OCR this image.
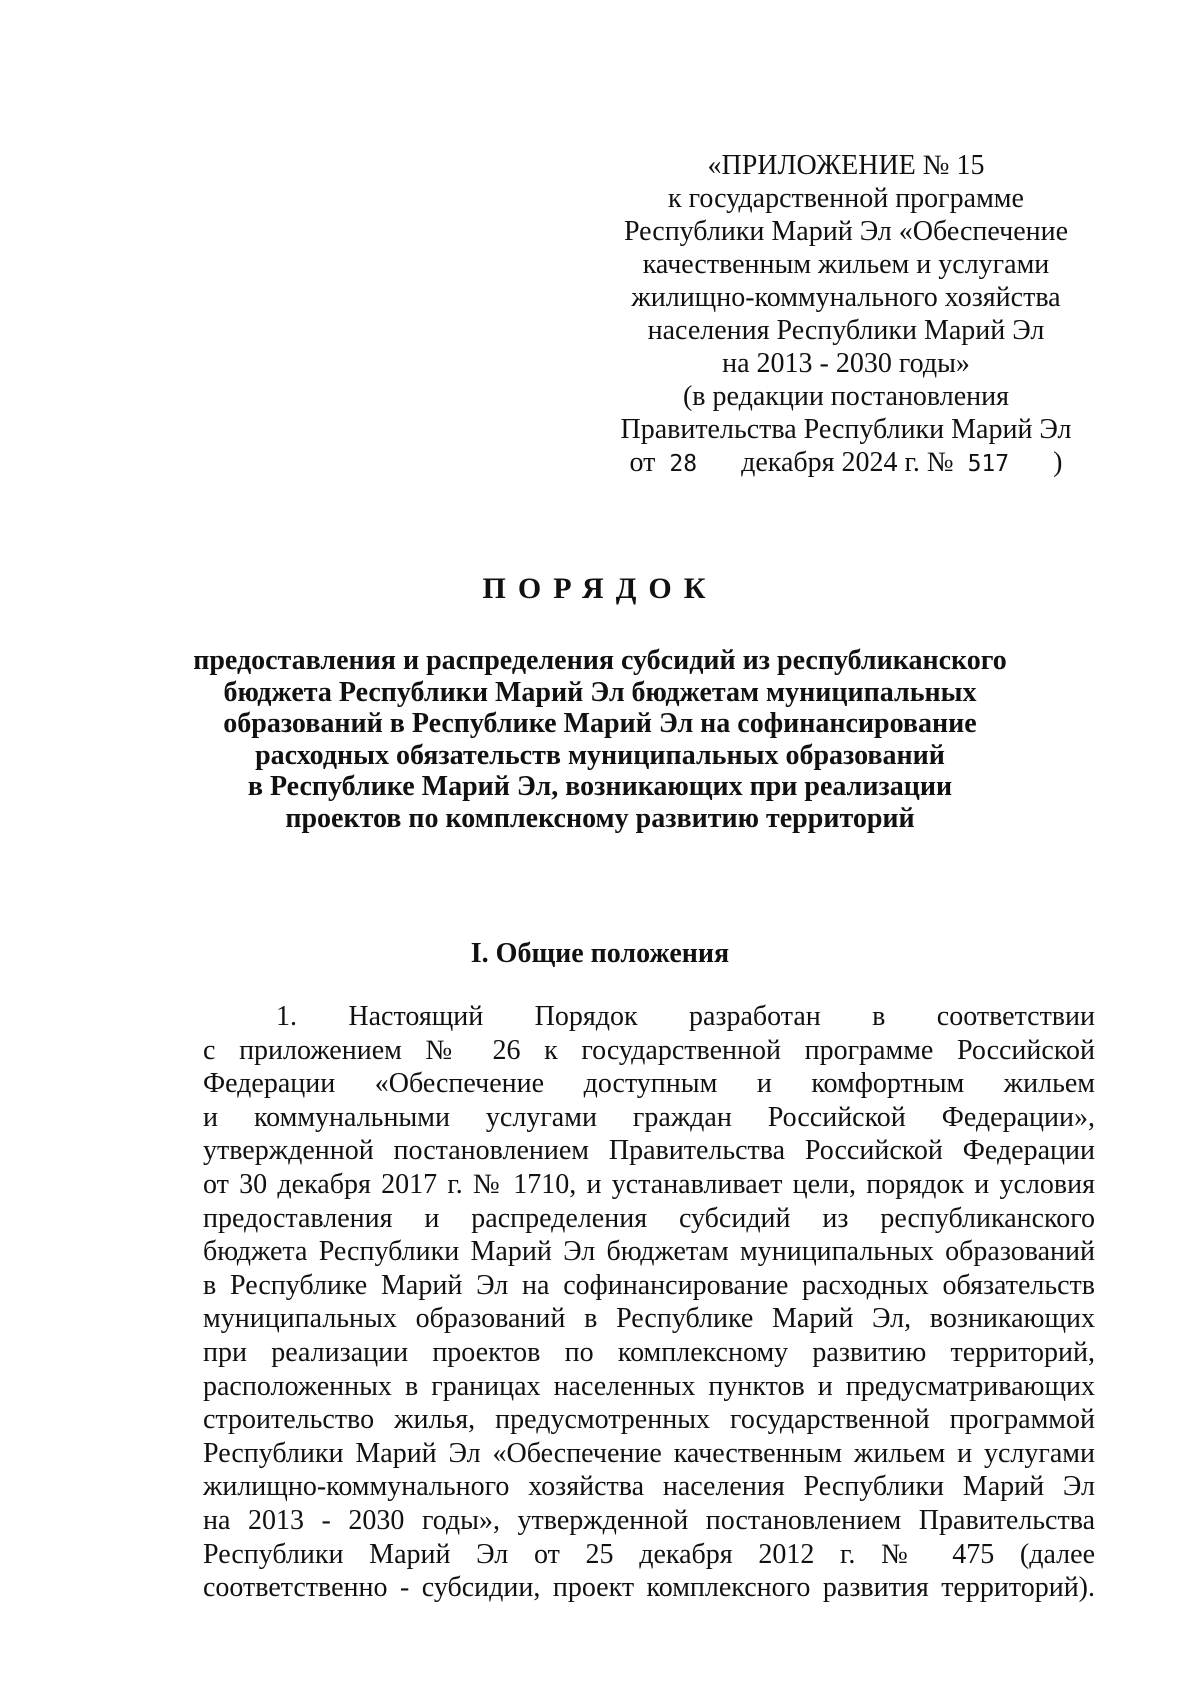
«ПРИЛОЖЕНИЕ № 15
к государственной программе
Республики Марий Эл «Обеспечение
качественным жильем и услугами
жилищно-коммунального хозяйства
населения Республики Марий Эл
на 2013 - 2030 годы»
(в редакции постановления
Правительства Республики Марий Эл
от 28 декабря 2024 г. № 517 )
ПОРЯДОК
предоставления и распределения субсидий из республиканского
бюджета Республики Марий Эл бюджетам муниципальных
образований в Республике Марий Эл на софинансирование
расходных обязательств муниципальных образований
в Республике Марий Эл, возникающих при реализации
проектов по комплексному развитию территорий
I. Общие положения
1. Настоящий Порядок разработан в соответствии
с приложением № 26 к государственной программе Российской
Федерации «Обеспечение доступным и комфортным жильем
и коммунальными услугами граждан Российской Федерации»,
утвержденной постановлением Правительства Российской Федерации
от 30 декабря 2017 г. № 1710, и устанавливает цели, порядок и условия
предоставления и распределения субсидий из республиканского
бюджета Республики Марий Эл бюджетам муниципальных образований
в Республике Марий Эл на софинансирование расходных обязательств
муниципальных образований в Республике Марий Эл, возникающих
при реализации проектов по комплексному развитию территорий,
расположенных в границах населенных пунктов и предусматривающих
строительство жилья, предусмотренных государственной программой
Республики Марий Эл «Обеспечение качественным жильем и услугами
жилищно-коммунального хозяйства населения Республики Марий Эл
на 2013 - 2030 годы», утвержденной постановлением Правительства
Республики Марий Эл от 25 декабря 2012 г. № 475 (далее
соответственно - субсидии, проект комплексного развития территорий).
